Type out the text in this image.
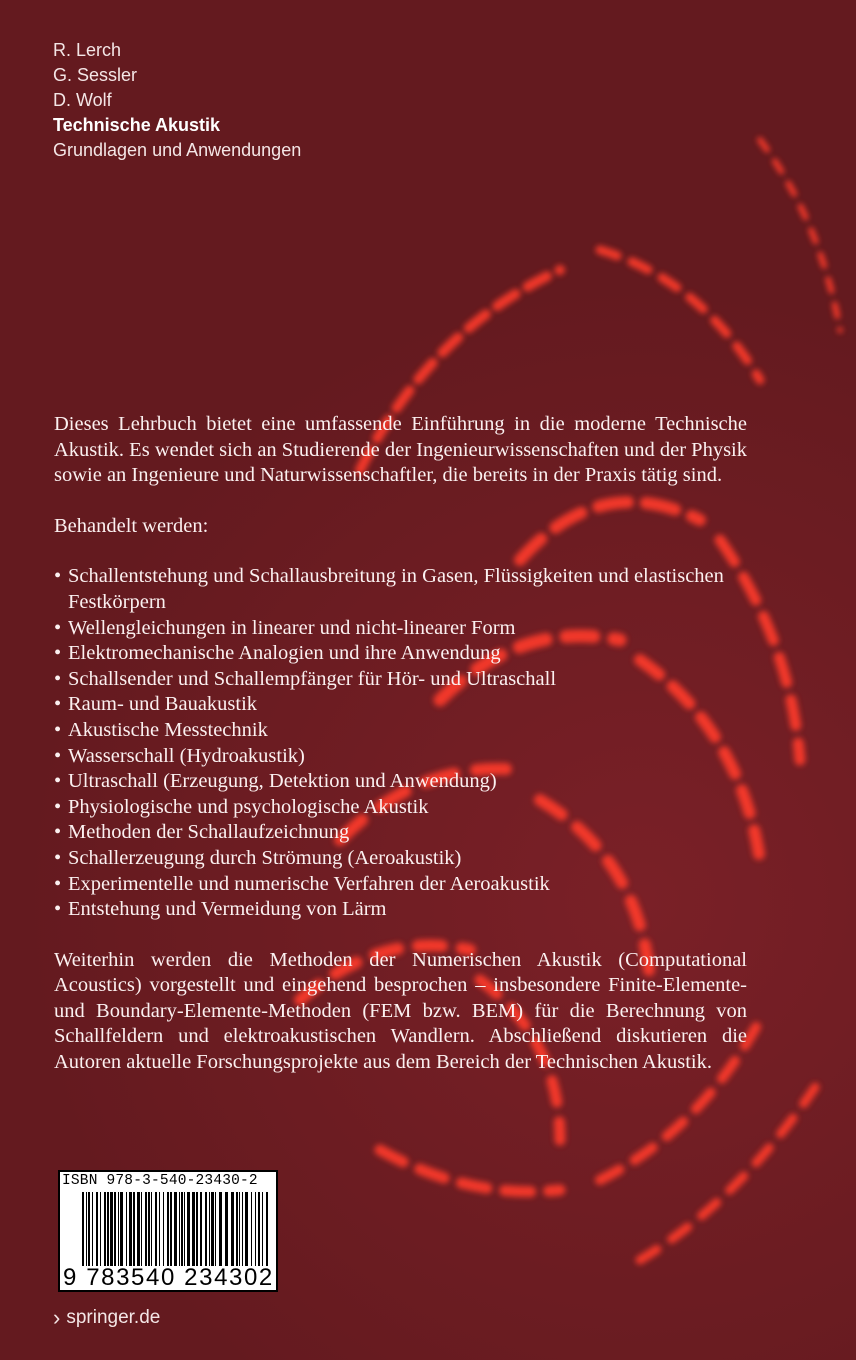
R. Lerch
G. Sessler
D. Wolf
Technische Akustik
Grundlagen und Anwendungen

Dieses Lehrbuch bietet eine umfassende Einführung in die moderne Technische Akustik. Es wendet sich an Studierende der Ingenieurwissenschaften und der Physik sowie an Ingenieure und Naturwissenschaftler, die bereits in der Praxis tätig sind.

Behandelt werden:

• Schallentstehung und Schallausbreitung in Gasen, Flüssigkeiten und elastischen Festkörpern
• Wellengleichungen in linearer und nicht-linearer Form
• Elektromechanische Analogien und ihre Anwendung
• Schallsender und Schallempfänger für Hör- und Ultraschall
• Raum- und Bauakustik
• Akustische Messtechnik
• Wasserschall (Hydroakustik)
• Ultraschall (Erzeugung, Detektion und Anwendung)
• Physiologische und psychologische Akustik
• Methoden der Schallaufzeichnung
• Schallerzeugung durch Strömung (Aeroakustik)
• Experimentelle und numerische Verfahren der Aeroakustik
• Entstehung und Vermeidung von Lärm

Weiterhin werden die Methoden der Numerischen Akustik (Computational Acoustics) vorgestellt und eingehend besprochen – insbesondere Finite-Elemente- und Boundary-Elemente-Methoden (FEM bzw. BEM) für die Berechnung von Schallfeldern und elektroakustischen Wandlern. Abschließend diskutieren die Autoren aktuelle Forschungsprojekte aus dem Bereich der Technischen Akustik.

ISBN 978-3-540-23430-2
9 783540 234302
› springer.de
